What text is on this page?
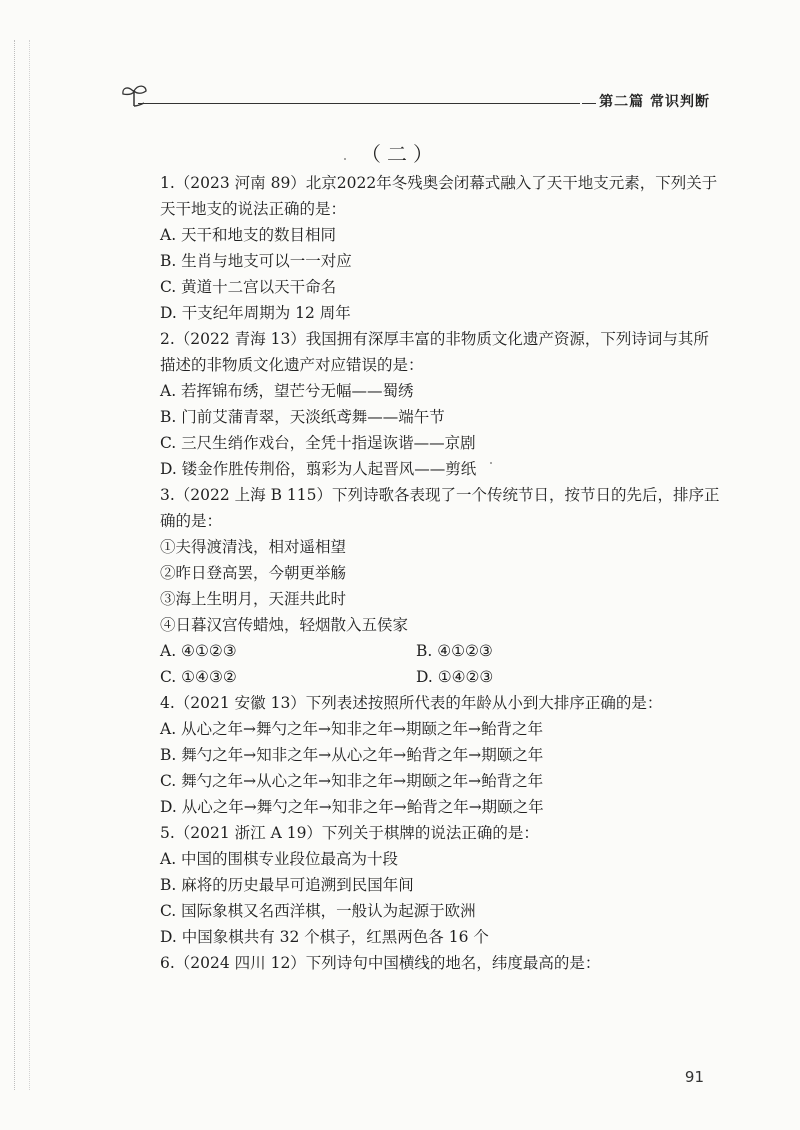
第二篇 常识判断
（二）

1.（2023 河南 89）北京2022年冬残奥会闭幕式融入了天干地支元素，下列关于天干地支的说法正确的是：

A. 天干和地支的数目相同

B. 生肖与地支可以一一对应

C. 黄道十二宫以天干命名

D. 干支纪年周期为 12 周年

2.（2022 青海 13）我国拥有深厚丰富的非物质文化遗产资源，下列诗词与其所描述的非物质文化遗产对应错误的是：

A. 若挥锦布绣，望芒兮无幅——蜀绣

B. 门前艾蒲青翠，天淡纸鸢舞——端午节

C. 三尺生绡作戏台，全凭十指逞诙谐——京剧

D. 镂金作胜传荆俗，翦彩为人起晋风——剪纸

3.（2022 上海 B 115）下列诗歌各表现了一个传统节日，按节日的先后，排序正确的是：

①夫得渡清浅，相对遥相望

②昨日登高罢，今朝更举觞

③海上生明月，天涯共此时

④日暮汉宫传蜡烛，轻烟散入五侯家

A. ④①②③	B. ④①②③

C. ①④③②	D. ①④②③

4.（2021 安徽 13）下列表述按照所代表的年龄从小到大排序正确的是：

A. 从心之年→舞勺之年→知非之年→期颐之年→鲐背之年

B. 舞勺之年→知非之年→从心之年→鲐背之年→期颐之年

C. 舞勺之年→从心之年→知非之年→期颐之年→鲐背之年

D. 从心之年→舞勺之年→知非之年→鲐背之年→期颐之年

5.（2021 浙江 A 19）下列关于棋牌的说法正确的是：

A. 中国的围棋专业段位最高为十段

B. 麻将的历史最早可追溯到民国年间

C. 国际象棋又名西洋棋，一般认为起源于欧洲

D. 中国象棋共有 32 个棋子，红黑两色各 16 个

6.（2024 四川 12）下列诗句中国横线的地名，纬度最高的是：

91
